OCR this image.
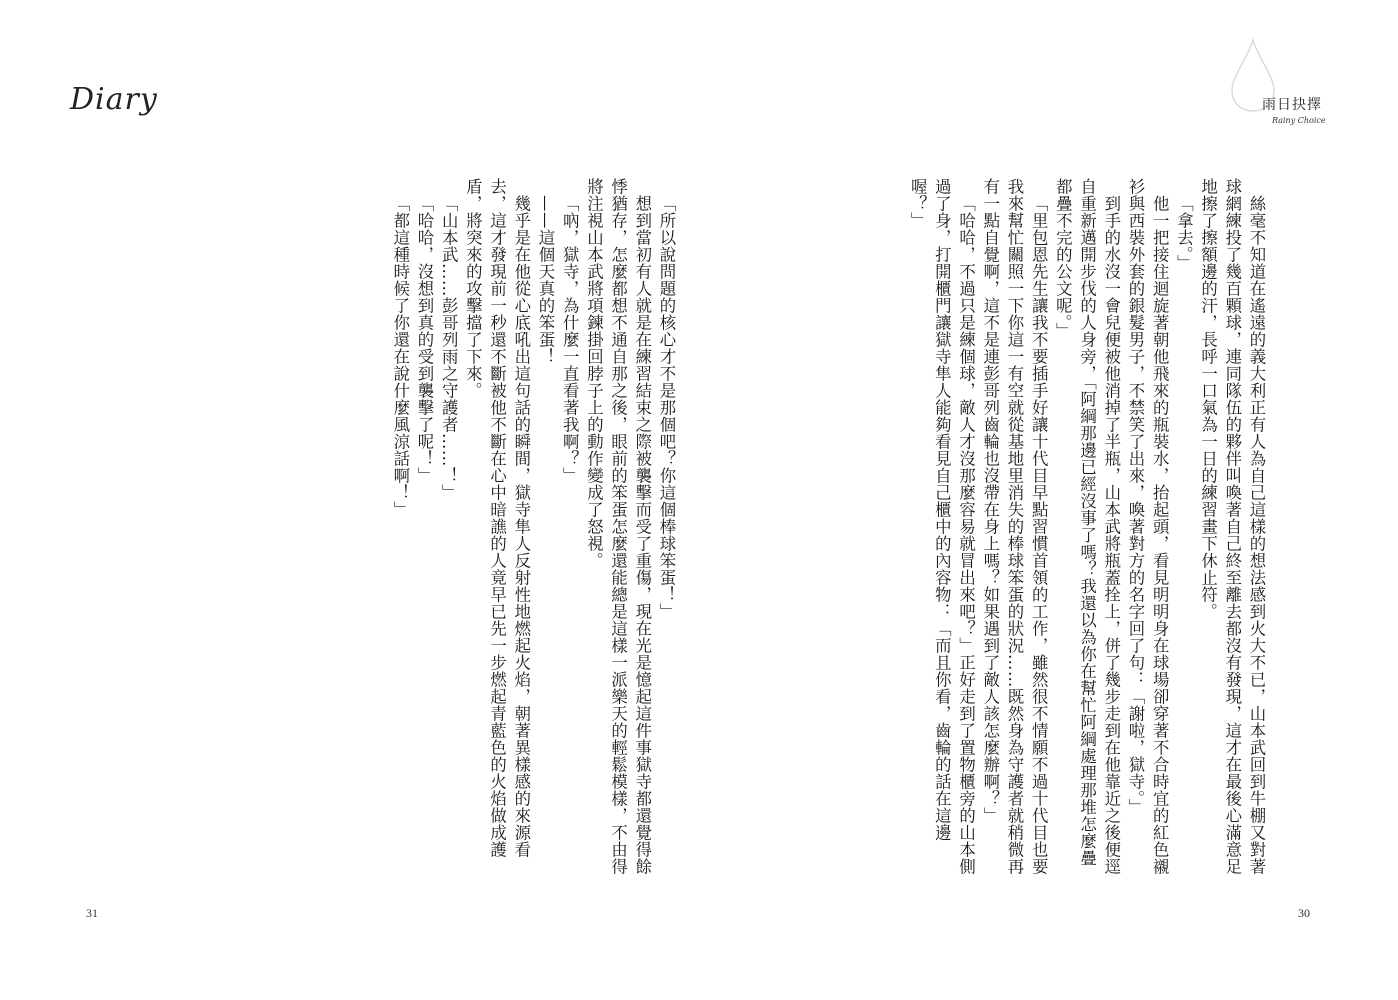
Diary	雨日抉擇
Rainy Choice

　絲毫不知道在遙遠的義大利正有人為自己這樣的想法感到火大不已，山本武回到牛棚又對著球網練投了幾百顆球，連同隊伍的夥伴叫喚著自己終至離去都沒有發現，這才在最後心滿意足地擦了擦額邊的汗，長呼一口氣為一日的練習畫下休止符。

　「拿去。」

　他一把接住迴旋著朝他飛來的瓶裝水，抬起頭，看見明明身在球場卻穿著不合時宜的紅色襯衫與西裝外套的銀髮男子，不禁笑了出來，喚著對方的名字回了句：「謝啦，獄寺。」

　到手的水沒一會兒便被他消掉了半瓶，山本武將瓶蓋拴上，併了幾步走到在他靠近之後便逕自重新邁開步伐的人身旁，「阿綱那邊已經沒事了嗎？我還以為你在幫忙阿綱處理那堆怎麼疊都疊不完的公文呢。」

　「里包恩先生讓我不要插手好讓十代目早點習慣首領的工作，雖然很不情願不過十代目也要我來幫忙關照一下你這一有空就從基地里消失的棒球笨蛋的狀況……既然身為守護者就稍微再有一點自覺啊，這不是連彭哥列齒輪也沒帶在身上嗎？如果遇到了敵人該怎麼辦啊？」

　「哈哈，不過只是練個球，敵人才沒那麼容易就冒出來吧？」正好走到了置物櫃旁的山本側過了身，打開櫃門讓獄寺隼人能夠看見自己櫃中的內容物：「而且你看，齒輪的話在這邊喔？」

　「所以說問題的核心才不是那個吧？你這個棒球笨蛋！」

　想到當初有人就是在練習結束之際被襲擊而受了重傷，現在光是憶起這件事獄寺都還覺得餘悸猶存，怎麼都想不通自那之後，眼前的笨蛋怎麼還能總是這樣一派樂天的輕鬆模樣，不由得將注視山本武將項鍊掛回脖子上的動作變成了怒視。

　「吶，獄寺，為什麼一直看著我啊？」

　——這個天真的笨蛋！

　幾乎是在他從心底吼出這句話的瞬間，獄寺隼人反射性地燃起火焰，朝著異樣感的來源看去，這才發現前一秒還不斷被他不斷在心中暗譙的人竟早已先一步燃起青藍色的火焰做成護盾，將突來的攻擊擋了下來。

　「山本武……彭哥列雨之守護者……！」

　「哈哈，沒想到真的受到襲擊了呢！」

　「都這種時候了你還在說什麼風涼話啊！」

31	30
